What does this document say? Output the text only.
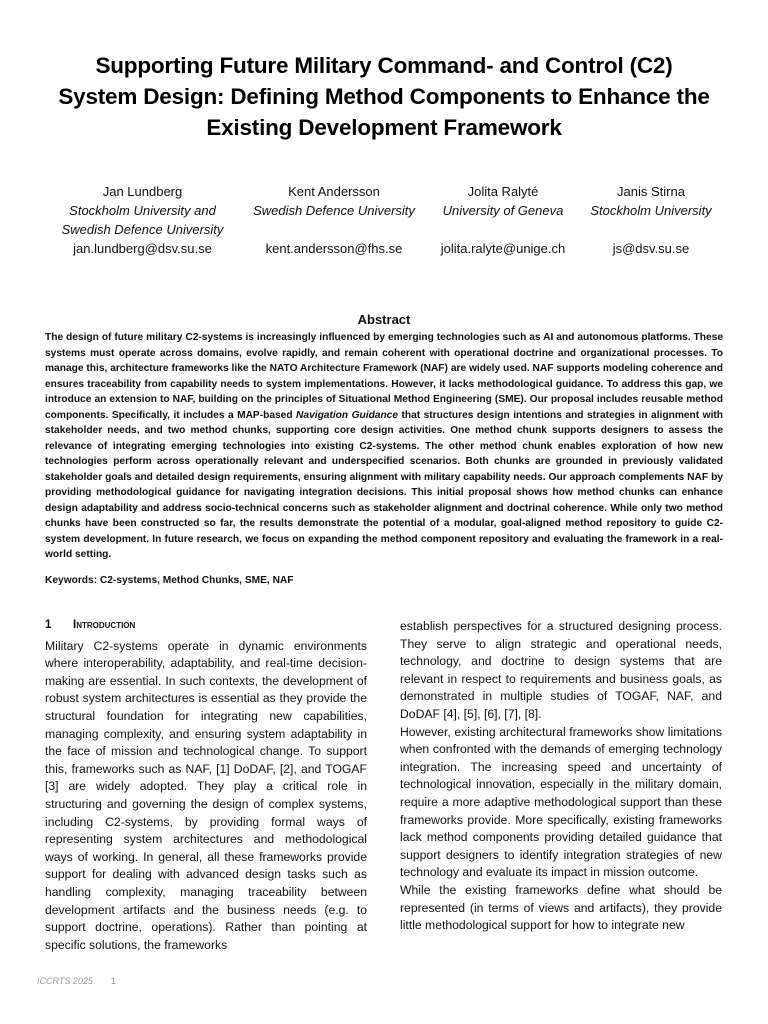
Supporting Future Military Command- and Control (C2)
System Design: Defining Method Components to Enhance the
Existing Development Framework
Jan Lundberg
Stockholm University and Swedish Defence University
jan.lundberg@dsv.su.se
Kent Andersson
Swedish Defence University
kent.andersson@fhs.se
Jolita Ralyté
University of Geneva
jolita.ralyte@unige.ch
Janis Stirna
Stockholm University
js@dsv.su.se
Abstract
The design of future military C2-systems is increasingly influenced by emerging technologies such as AI and autonomous platforms. These systems must operate across domains, evolve rapidly, and remain coherent with operational doctrine and organizational processes. To manage this, architecture frameworks like the NATO Architecture Framework (NAF) are widely used. NAF supports modeling coherence and ensures traceability from capability needs to system implementations. However, it lacks methodological guidance. To address this gap, we introduce an extension to NAF, building on the principles of Situational Method Engineering (SME). Our proposal includes reusable method components. Specifically, it includes a MAP-based Navigation Guidance that structures design intentions and strategies in alignment with stakeholder needs, and two method chunks, supporting core design activities. One method chunk supports designers to assess the relevance of integrating emerging technologies into existing C2-systems. The other method chunk enables exploration of how new technologies perform across operationally relevant and underspecified scenarios. Both chunks are grounded in previously validated stakeholder goals and detailed design requirements, ensuring alignment with military capability needs. Our approach complements NAF by providing methodological guidance for navigating integration decisions. This initial proposal shows how method chunks can enhance design adaptability and address socio-technical concerns such as stakeholder alignment and doctrinal coherence. While only two method chunks have been constructed so far, the results demonstrate the potential of a modular, goal-aligned method repository to guide C2-system development. In future research, we focus on expanding the method component repository and evaluating the framework in a real-world setting.
Keywords: C2-systems, Method Chunks, SME, NAF

1 Introduction

Military C2-systems operate in dynamic environments where interoperability, adaptability, and real-time decision-making are essential. In such contexts, the development of robust system architectures is essential as they provide the structural foundation for integrating new capabilities, managing complexity, and ensuring system adaptability in the face of mission and technological change. To support this, frameworks such as NAF, [1] DoDAF, [2], and TOGAF [3] are widely adopted. They play a critical role in structuring and governing the design of complex systems, including C2-systems, by providing formal ways of representing system architectures and methodological ways of working. In general, all these frameworks provide support for dealing with advanced design tasks such as handling complexity, managing traceability between development artifacts and the business needs (e.g. to support doctrine, operations). Rather than pointing at specific solutions, the frameworks

establish perspectives for a structured designing process. They serve to align strategic and operational needs, technology, and doctrine to design systems that are relevant in respect to requirements and business goals, as demonstrated in multiple studies of TOGAF, NAF, and DoDAF [4], [5], [6], [7], [8].

However, existing architectural frameworks show limitations when confronted with the demands of emerging technology integration. The increasing speed and uncertainty of technological innovation, especially in the military domain, require a more adaptive methodological support than these frameworks provide. More specifically, existing frameworks lack method components providing detailed guidance that support designers to identify integration strategies of new technology and evaluate its impact in mission outcome.

While the existing frameworks define what should be represented (in terms of views and artifacts), they provide little methodological support for how to integrate new

ICCRTS 2025 1
